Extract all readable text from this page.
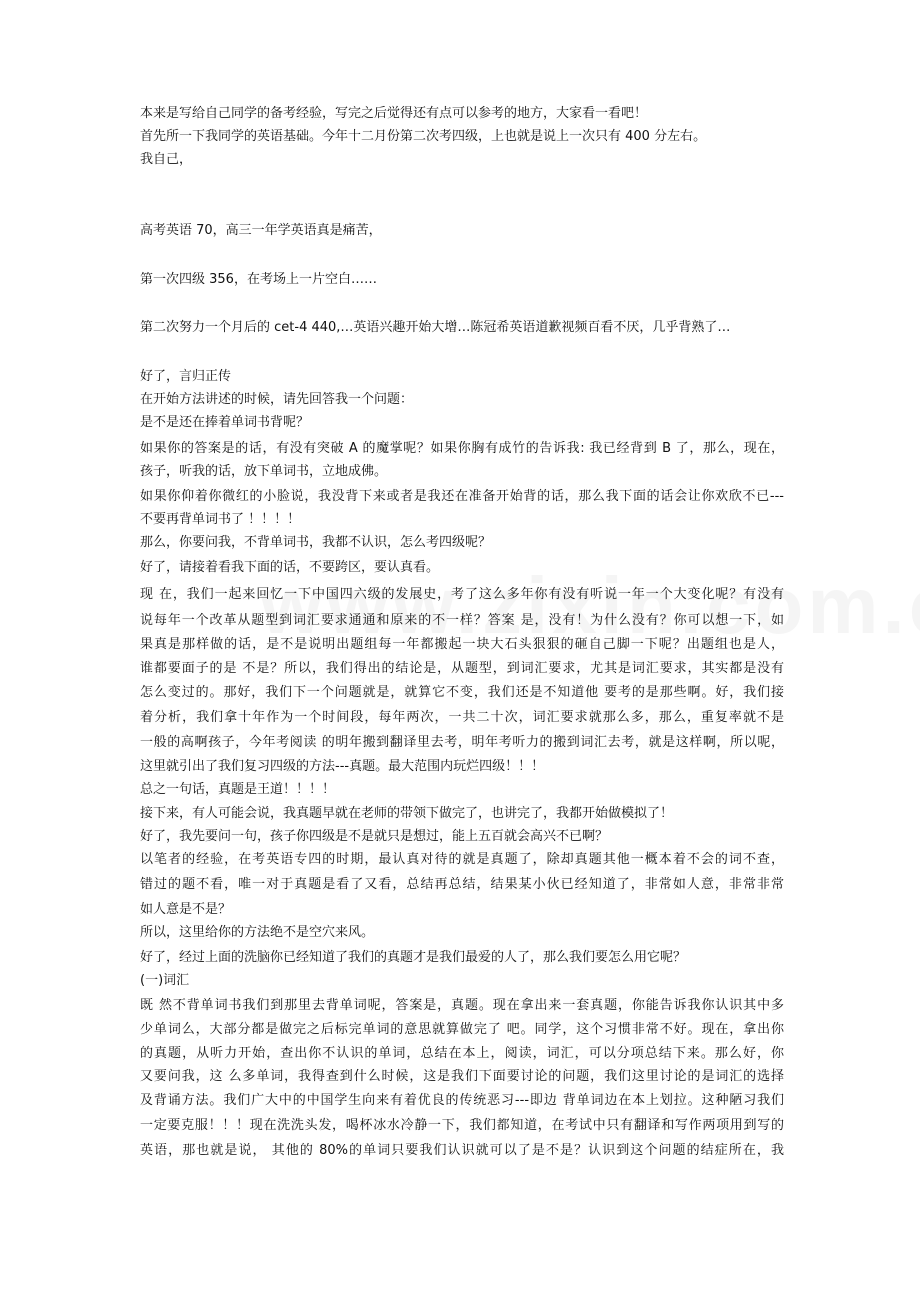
本来是写给自己同学的备考经验，写完之后觉得还有点可以参考的地方，大家看一看吧！
首先所一下我同学的英语基础。今年十二月份第二次考四级，上也就是说上一次只有 400 分左右。
我自己，
高考英语 70，高三一年学英语真是痛苦，
第一次四级 356，在考场上一片空白……
第二次努力一个月后的 cet-4 440,…英语兴趣开始大增…陈冠希英语道歉视频百看不厌，几乎背熟了…
好了，言归正传
在开始方法讲述的时候，请先回答我一个问题：
是不是还在捧着单词书背呢？
如果你的答案是的话，有没有突破 A 的魔掌呢？如果你胸有成竹的告诉我: 我已经背到 B 了，那么，现在，
孩子，听我的话，放下单词书，立地成佛。
如果你仰着你微红的小脸说，我没背下来或者是我还在准备开始背的话，那么我下面的话会让你欢欣不已---
不要再背单词书了 ！！！！
那么，你要问我，不背单词书，我都不认识，怎么考四级呢？
好了，请接着看我下面的话，不要跨区，要认真看。
现 在，我们一起来回忆一下中国四六级的发展史，考了这么多年你有没有听说一年一个大变化呢？有没有
说每年一个改革从题型到词汇要求通通和原来的不一样？答案 是，没有！为什么没有？你可以想一下，如
果真是那样做的话，是不是说明出题组每一年都搬起一块大石头狠狠的砸自己脚一下呢？出题组也是人，
谁都要面子的是 不是？所以，我们得出的结论是，从题型，到词汇要求，尤其是词汇要求，其实都是没有
怎么变过的。那好，我们下一个问题就是，就算它不变，我们还是不知道他 要考的是那些啊。好，我们接
着分析，我们拿十年作为一个时间段，每年两次，一共二十次，词汇要求就那么多，那么，重复率就不是
一般的高啊孩子，今年考阅读 的明年搬到翻译里去考，明年考听力的搬到词汇去考，就是这样啊，所以呢，
这里就引出了我们复习四级的方法---真题。最大范围内玩烂四级！！！
总之一句话，真题是王道！！！！
接下来，有人可能会说，我真题早就在老师的带领下做完了，也讲完了，我都开始做模拟了！
好了，我先要问一句，孩子你四级是不是就只是想过，能上五百就会高兴不已啊？
以笔者的经验，在考英语专四的时期，最认真对待的就是真题了，除却真题其他一概本着不会的词不查，
错过的题不看，唯一对于真题是看了又看，总结再总结，结果某小伙已经知道了，非常如人意，非常非常
如人意是不是？
所以，这里给你的方法绝不是空穴来风。
好了，经过上面的洗脑你已经知道了我们的真题才是我们最爱的人了，那么我们要怎么用它呢？
(一)词汇
既 然不背单词书我们到那里去背单词呢，答案是，真题。现在拿出来一套真题，你能告诉我你认识其中多
少单词么，大部分都是做完之后标完单词的意思就算做完了 吧。同学，这个习惯非常不好。现在，拿出你
的真题，从听力开始，查出你不认识的单词，总结在本上，阅读，词汇，可以分项总结下来。那么好，你
又要问我，这 么多单词，我得查到什么时候，这是我们下面要讨论的问题，我们这里讨论的是词汇的选择
及背诵方法。我们广大中的中国学生向来有着优良的传统恶习---即边 背单词边在本上划拉。这种陋习我们
一定要克服！！！现在洗洗头发，喝杯冰水冷静一下，我们都知道，在考试中只有翻译和写作两项用到写的
英语，那也就是说， 其他的 80%的单词只要我们认识就可以了是不是？认识到这个问题的结症所在，我
